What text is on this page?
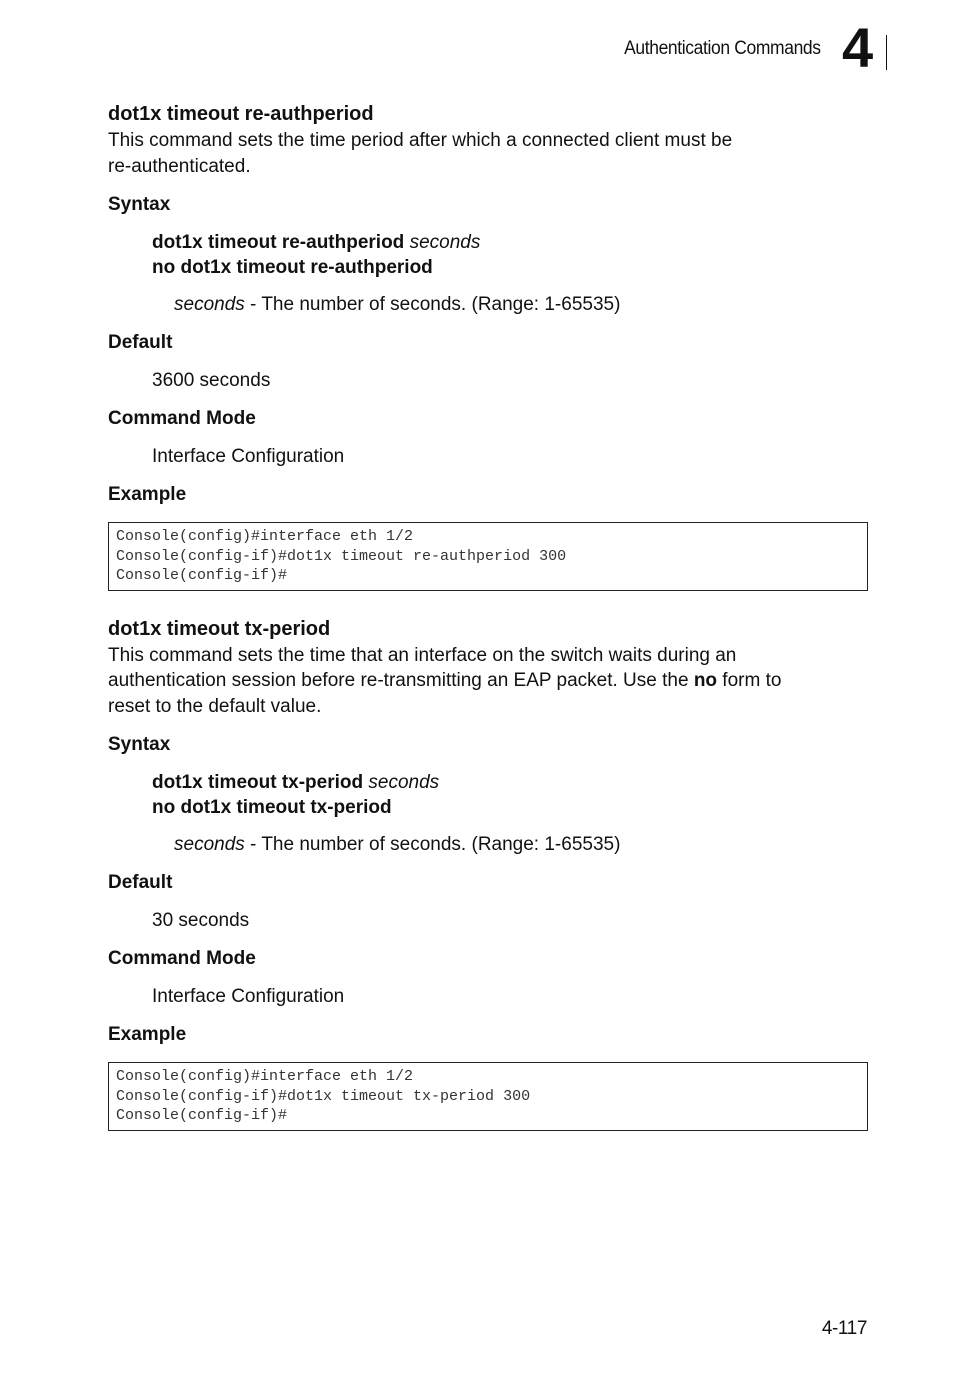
Authentication Commands 4
dot1x timeout re-authperiod

This command sets the time period after which a connected client must be
re-authenticated.

Syntax
dot1x timeout re-authperiod seconds
no dot1x timeout re-authperiod
seconds - The number of seconds. (Range: 1-65535)
Default
3600 seconds
Command Mode
Interface Configuration
Example
Console(config)#interface eth 1/2
Console(config-if)#dot1x timeout re-authperiod 300
Console(config-if)#
dot1x timeout tx-period

This command sets the time that an interface on the switch waits during an
authentication session before re-transmitting an EAP packet. Use the no form to
reset to the default value.

Syntax
dot1x timeout tx-period seconds
no dot1x timeout tx-period
seconds - The number of seconds. (Range: 1-65535)
Default
30 seconds
Command Mode
Interface Configuration
Example
Console(config)#interface eth 1/2
Console(config-if)#dot1x timeout tx-period 300
Console(config-if)#
4-117
